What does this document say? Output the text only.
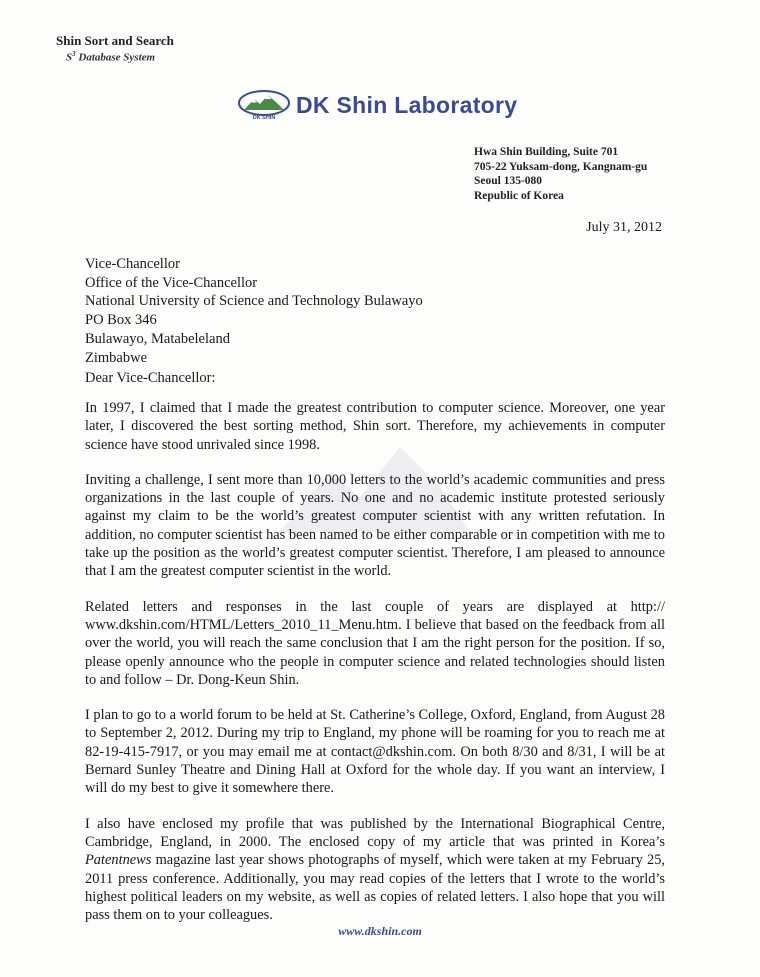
Shin Sort and Search
$S^3$ Database System
DK SHIN
DK Shin Laboratory
Hwa Shin Building, Suite 701
705-22 Yuksam-dong, Kangnam-gu
Seoul 135-080
Republic of Korea
July 31, 2012
Vice-Chancellor
Office of the Vice-Chancellor
National University of Science and Technology Bulawayo
PO Box 346
Bulawayo, Matabeleland
Zimbabwe
Dear Vice-Chancellor:

In 1997, I claimed that I made the greatest contribution to computer science. Moreover, one year later, I discovered the best sorting method, Shin sort. Therefore, my achievements in computer science have stood unrivaled since 1998.

Inviting a challenge, I sent more than 10,000 letters to the world’s academic communities and press organizations in the last couple of years. No one and no academic institute protested seriously against my claim to be the world’s greatest computer scientist with any written refutation. In addition, no computer scientist has been named to be either comparable or in competition with me to take up the position as the world’s greatest computer scientist. Therefore, I am pleased to announce that I am the greatest computer scientist in the world.

Related letters and responses in the last couple of years are displayed at http:// www.dkshin.com/HTML/Letters_2010_11_Menu.htm. I believe that based on the feedback from all over the world, you will reach the same conclusion that I am the right person for the position. If so, please openly announce who the people in computer science and related technologies should listen to and follow – Dr. Dong-Keun Shin.

I plan to go to a world forum to be held at St. Catherine’s College, Oxford, England, from August 28 to September 2, 2012. During my trip to England, my phone will be roaming for you to reach me at 82-19-415-7917, or you may email me at contact@dkshin.com. On both 8/30 and 8/31, I will be at Bernard Sunley Theatre and Dining Hall at Oxford for the whole day. If you want an interview, I will do my best to give it somewhere there.

I also have enclosed my profile that was published by the International Biographical Centre, Cambridge, England, in 2000. The enclosed copy of my article that was printed in Korea’s Patentnews magazine last year shows photographs of myself, which were taken at my February 25, 2011 press conference. Additionally, you may read copies of the letters that I wrote to the world’s highest political leaders on my website, as well as copies of related letters. I also hope that you will pass them on to your colleagues.

www.dkshin.com
